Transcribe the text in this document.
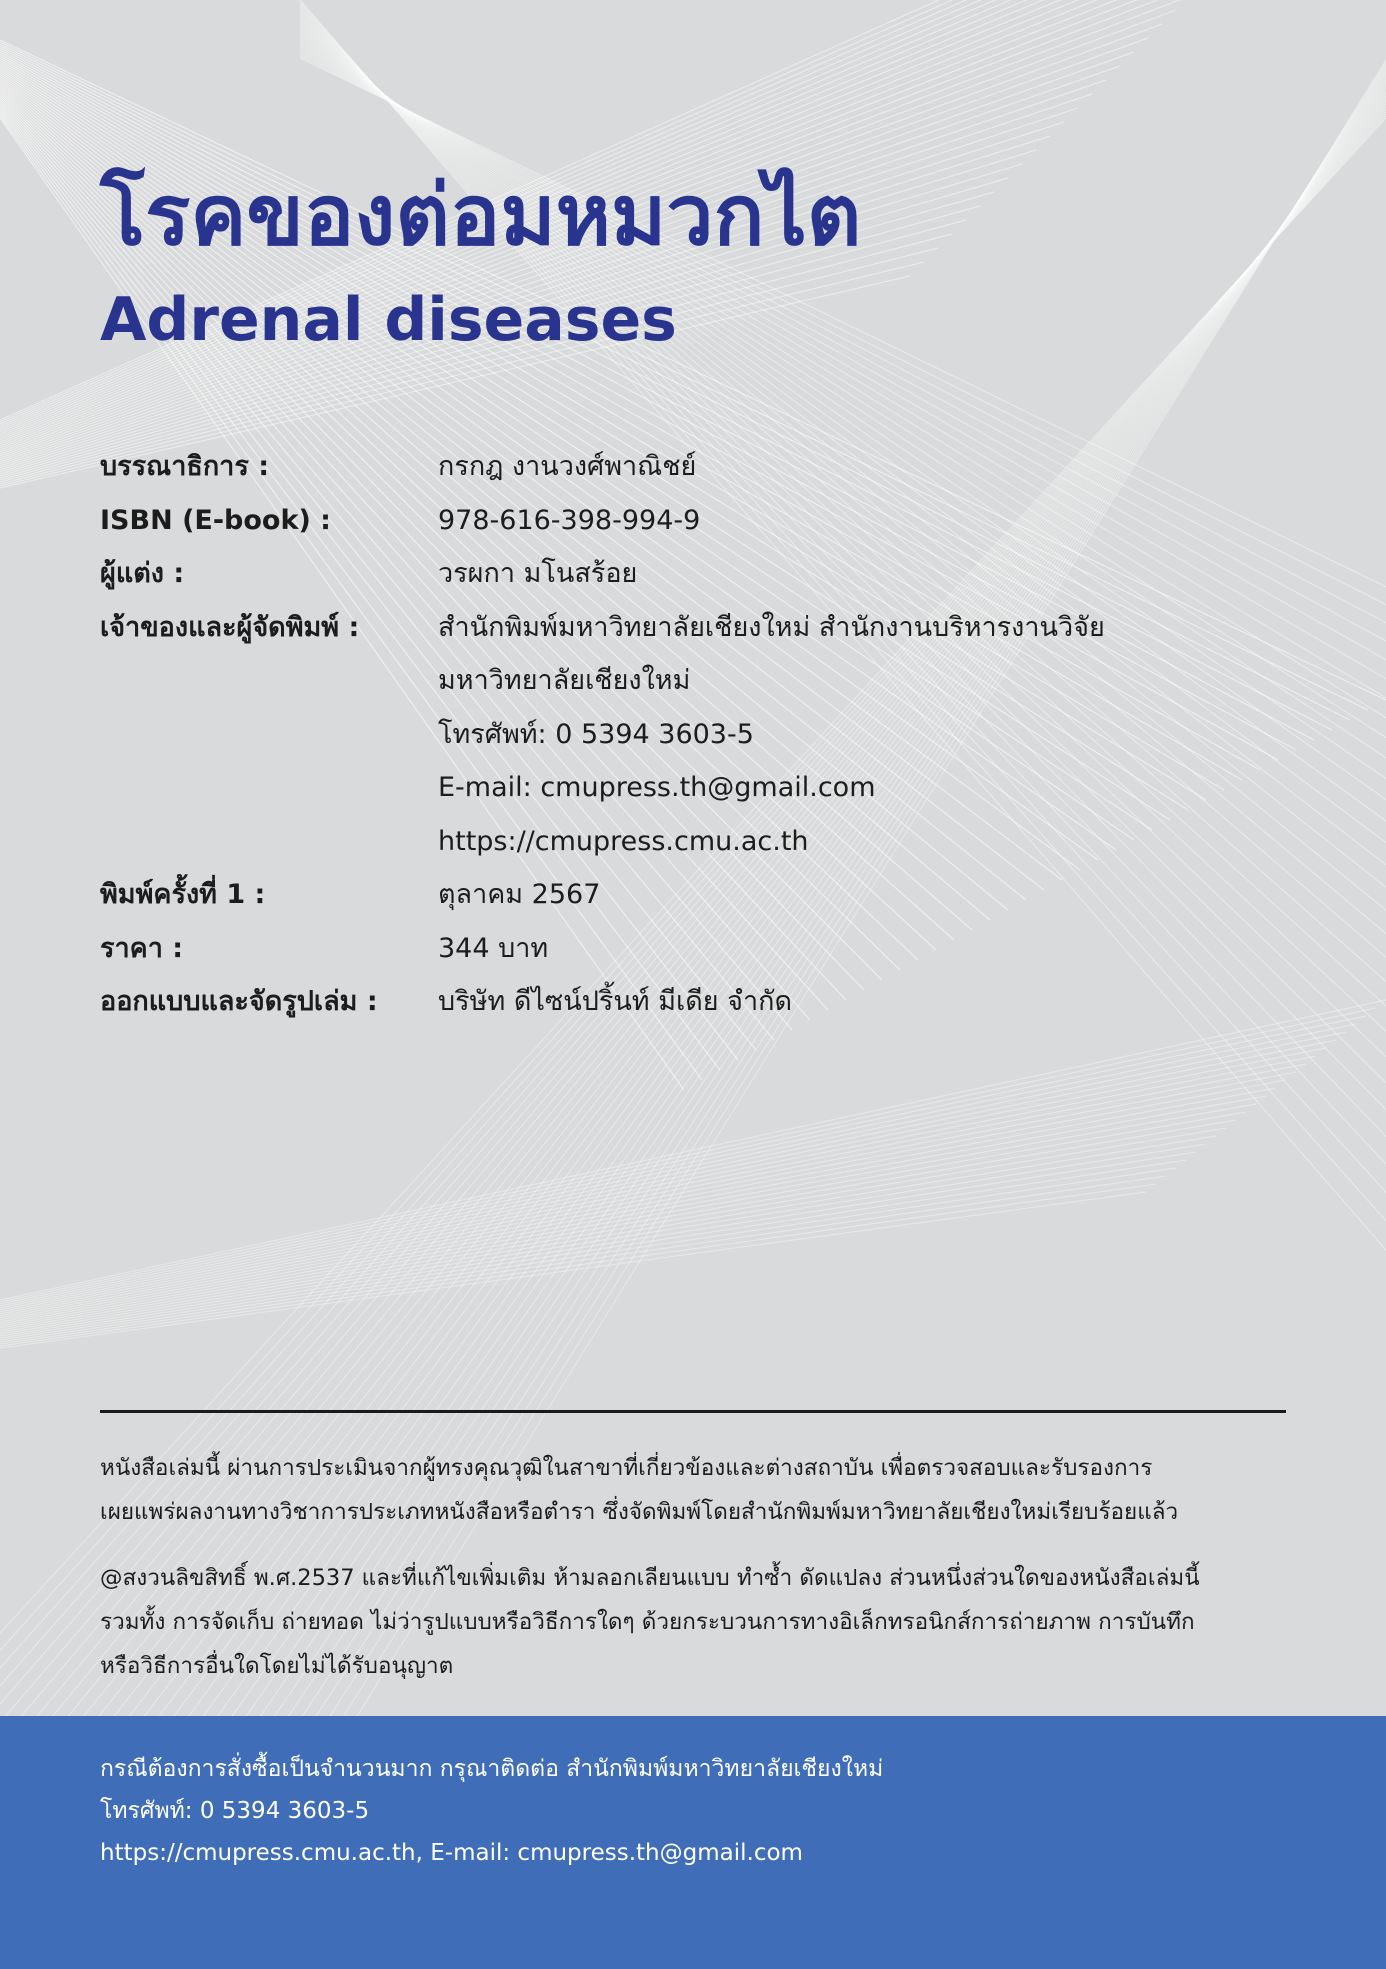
โรคของต่อมหมวกไต
Adrenal diseases
บรรณาธิการ :	กรกฎ งานวงศ์พาณิชย์
ISBN (E-book) :	978-616-398-994-9
ผู้แต่ง :	วรผกา มโนสร้อย
เจ้าของและผู้จัดพิมพ์ :	สำนักพิมพ์มหาวิทยาลัยเชียงใหม่ สำนักงานบริหารงานวิจัย
มหาวิทยาลัยเชียงใหม่
โทรศัพท์: 0 5394 3603-5
E-mail: cmupress.th@gmail.com
https://cmupress.cmu.ac.th
พิมพ์ครั้งที่ 1 :	ตุลาคม 2567
ราคา :	344 บาท
ออกแบบและจัดรูปเล่ม :	บริษัท ดีไซน์ปริ้นท์ มีเดีย จำกัด
หนังสือเล่มนี้ ผ่านการประเมินจากผู้ทรงคุณวุฒิในสาขาที่เกี่ยวข้องและต่างสถาบัน เพื่อตรวจสอบและรับรองการ
เผยแพร่ผลงานทางวิชาการประเภทหนังสือหรือตำรา ซึ่งจัดพิมพ์โดยสำนักพิมพ์มหาวิทยาลัยเชียงใหม่เรียบร้อยแล้ว
@สงวนลิขสิทธิ์ พ.ศ.2537 และที่แก้ไขเพิ่มเติม ห้ามลอกเลียนแบบ ทำซ้ำ ดัดแปลง ส่วนหนึ่งส่วนใดของหนังสือเล่มนี้
รวมทั้ง การจัดเก็บ ถ่ายทอด ไม่ว่ารูปแบบหรือวิธีการใดๆ ด้วยกระบวนการทางอิเล็กทรอนิกส์การถ่ายภาพ การบันทึก
หรือวิธีการอื่นใดโดยไม่ได้รับอนุญาต
กรณีต้องการสั่งซื้อเป็นจำนวนมาก กรุณาติดต่อ สำนักพิมพ์มหาวิทยาลัยเชียงใหม่
โทรศัพท์: 0 5394 3603-5
https://cmupress.cmu.ac.th, E-mail: cmupress.th@gmail.com
